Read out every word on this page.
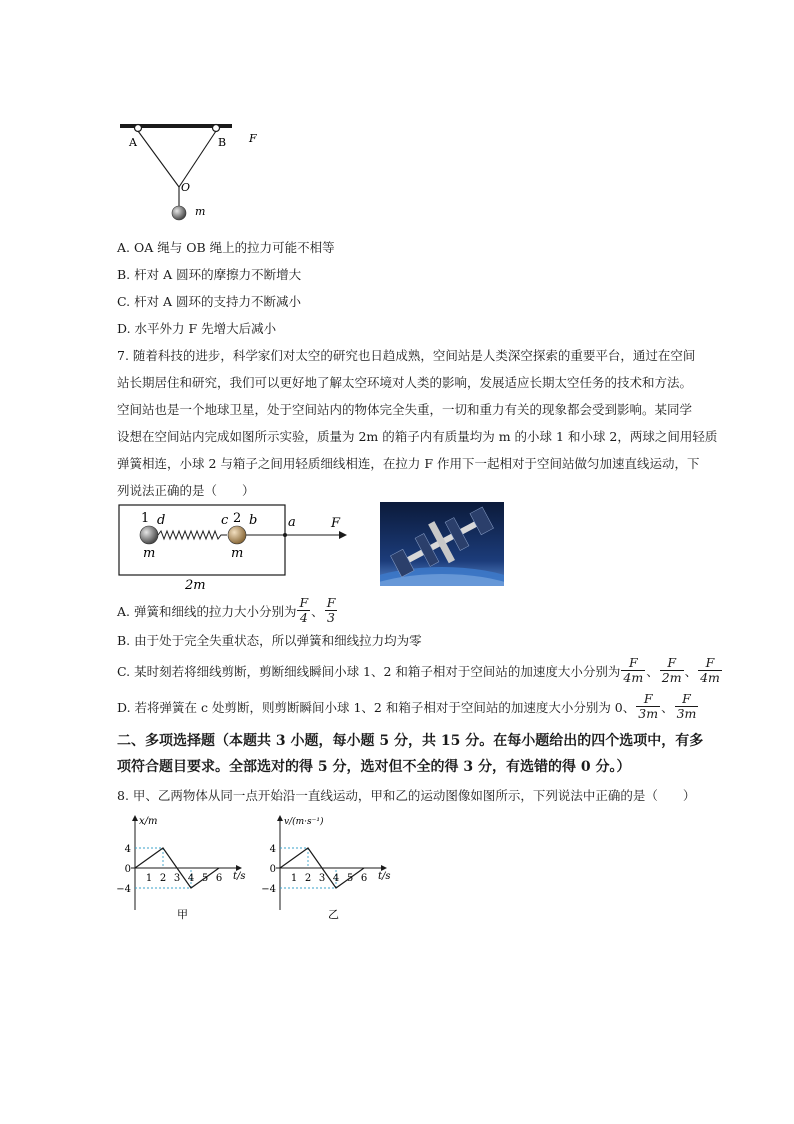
A	B F
O
m
A. OA 绳与 OB 绳上的拉力可能不相等
B. 杆对 A 圆环的摩擦力不断增大
C. 杆对 A 圆环的支持力不断减小
D. 水平外力 F 先增大后减小
7. 随着科技的进步，科学家们对太空的研究也日趋成熟，空间站是人类深空探索的重要平台，通过在空间
站长期居住和研究，我们可以更好地了解太空环境对人类的影响，发展适应长期太空任务的技术和方法。
空间站也是一个地球卫星，处于空间站内的物体完全失重，一切和重力有关的现象都会受到影响。某同学
设想在空间站内完成如图所示实验，质量为 2m 的箱子内有质量均为 m 的小球 1 和小球 2，两球之间用轻质
弹簧相连，小球 2 与箱子之间用轻质细线相连，在拉力 F 作用下一起相对于空间站做匀加速直线运动，下
列说法正确的是（　　）
1 d	c 2 b a	F
m	m
2m
A. 弹簧和细线的拉力大小分别为 $\frac{F}{4}$ 、 $\frac{F}{3}$
B. 由于处于完全失重状态，所以弹簧和细线拉力均为零
C. 某时刻若将细线剪断，剪断细线瞬间小球 1、2 和箱子相对于空间站的加速度大小分别为 $\frac{F}{4m}$ 、 $\frac{F}{2m}$ 、 $\frac{F}{4m}$
D. 若将弹簧在 c 处剪断，则剪断瞬间小球 1、2 和箱子相对于空间站的加速度大小分别为 0、 $\frac{F}{3m}$ 、 $\frac{F}{3m}$
二、多项选择题（本题共 3 小题，每小题 5 分，共 15 分。在每小题给出的四个选项中，有多
项符合题目要求。全部选对的得 5 分，选对但不全的得 3 分，有选错的得 0 分。）
8. 甲、乙两物体从同一点开始沿一直线运动，甲和乙的运动图像如图所示，下列说法中正确的是（　　）
x/m
t/s
甲
4
0
−4
1 2 3 4 5 6
v/(m·s⁻¹)
t/s
乙
4
0
−4
1 2 3 4 5 6
